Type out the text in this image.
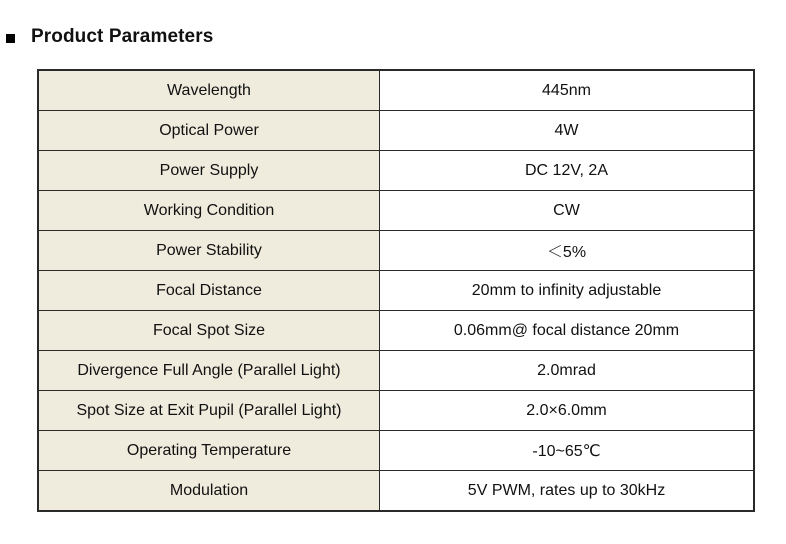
Product Parameters
Wavelength	445nm
Optical Power	4W
Power Supply	DC 12V, 2A
Working Condition	CW
Power Stability	＜5%
Focal Distance	20mm to infinity adjustable
Focal Spot Size	0.06mm@ focal distance 20mm
Divergence Full Angle (Parallel Light)	2.0mrad
Spot Size at Exit Pupil (Parallel Light)	2.0×6.0mm
Operating Temperature	-10~65℃
Modulation	5V PWM, rates up to 30kHz
